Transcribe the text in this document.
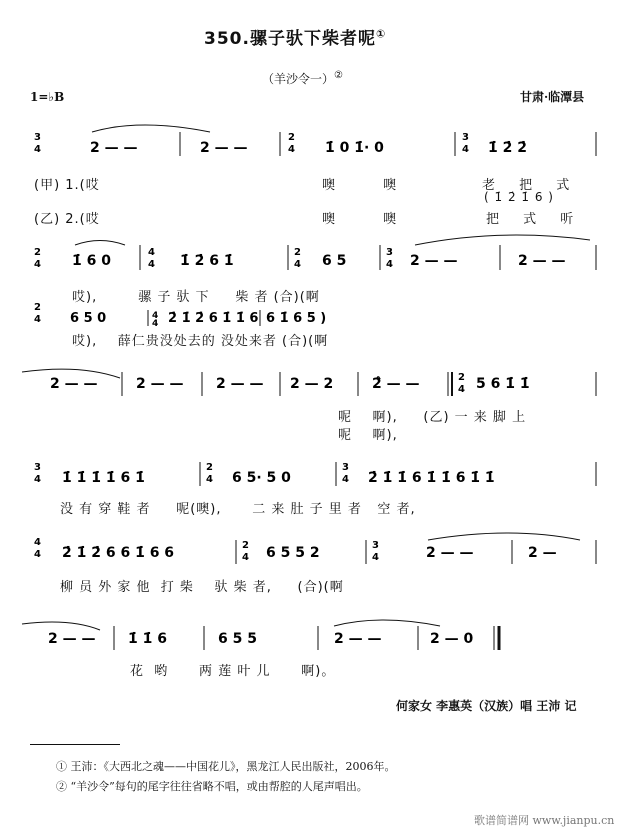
350.骡子驮下柴者呢①
（羊沙令一）②
1=♭B	甘肃·临潭县
3
4	2 — —	2 — —
2
4 1̇ 0 1̇· 0
3
4 1̇ 2̇ 2̇
2
4 1̇ 6 0
4
4 1̇ 2̇ 6 1̇
2
4 6 5
3
4 2 — —	2 — —
2
4 6 5 0	4
4 2̇ 1̇ 2̇ 6 1̇ 1̇ 6 6 1̇ 6 5 )
2 — —	2 — — 2 — — 2 — 2	2̂ — —	2
4 5 6 1̇ 1̇
3
4 1̇ 1̇ 1̇ 1̇ 6 1̇
2
4 6 5· 5 0
3
4 2̇ 1̇ 1̇ 6 1̇ 1̇ 6 1̇ 1̇
4
4 2̇ 1̇ 2̇ 6 6 1̇ 6 6	2
4 6 5 5 2	3
4	2 — —	2 —
2 — — 1̇ 1̇ 6	6 5 5	2 — —	2 — 0
(甲) 1.(哎	噢 噢	老 把 式
( 1̇ 2̇ 1̇ 6 )
(乙) 2.(哎	噢 噢	把 式 听
哎),        骡 子 驮 下     柴 者 (合)(啊
哎),    薛仁贵没处去的 没处来者 (合)(啊
呢    啊),     (乙) 一 来 脚 上
呢    啊),
没 有 穿 鞋 者     呢(噢),      二 来 肚 子 里 者   空 者,
柳 员 外 家 他  打 柴    驮 柴 者,     (合)(啊
花  哟      两 莲 叶 儿      啊)。
何家女 李惠英（汉族）唱 王沛 记
① 王沛：《大西北之魂——中国花儿》，黑龙江人民出版社，2006年。
② “羊沙令”每句的尾字往往省略不唱，或由帮腔的人尾声唱出。
歌谱简谱网 www.jianpu.cn
